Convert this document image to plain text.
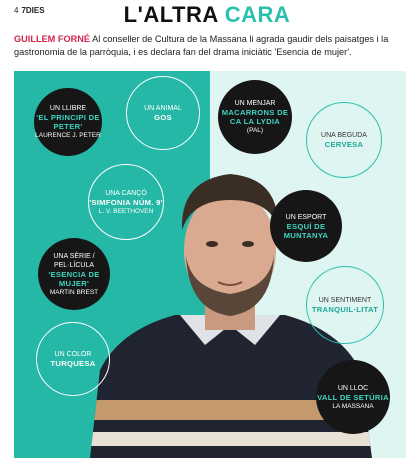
4 7DIES	L'ALTRA CARA
GUILLEM FORNÉ Al conseller de Cultura de la Massana li agrada gaudir dels paisatges i la gastronomia de la parròquia, i es declara fan del drama iniciàtic 'Esencia de mujer'.
UN LLIBRE
'EL PRINCIPI DE PETER'
LAURENCE J. PETER
UN ANIMAL
GOS
UNA CANÇÓ
'SIMFONIA NÚM. 9'
L. V. BEETHOVEN
UNA SÈRIE / PEL·LÍCULA
'ESENCIA DE MUJER'
MARTIN BREST
UN COLOR
TURQUESA
UN MENJAR
MACARRONS DE CA LA LYDIA
(PAL)
UNA BEGUDA
CERVESA
UN ESPORT
ESQUÍ DE MUNTANYA
UN SENTIMENT
TRANQUIL·LITAT
UN LLOC
VALL DE SETÚRIA
LA MASSANA
